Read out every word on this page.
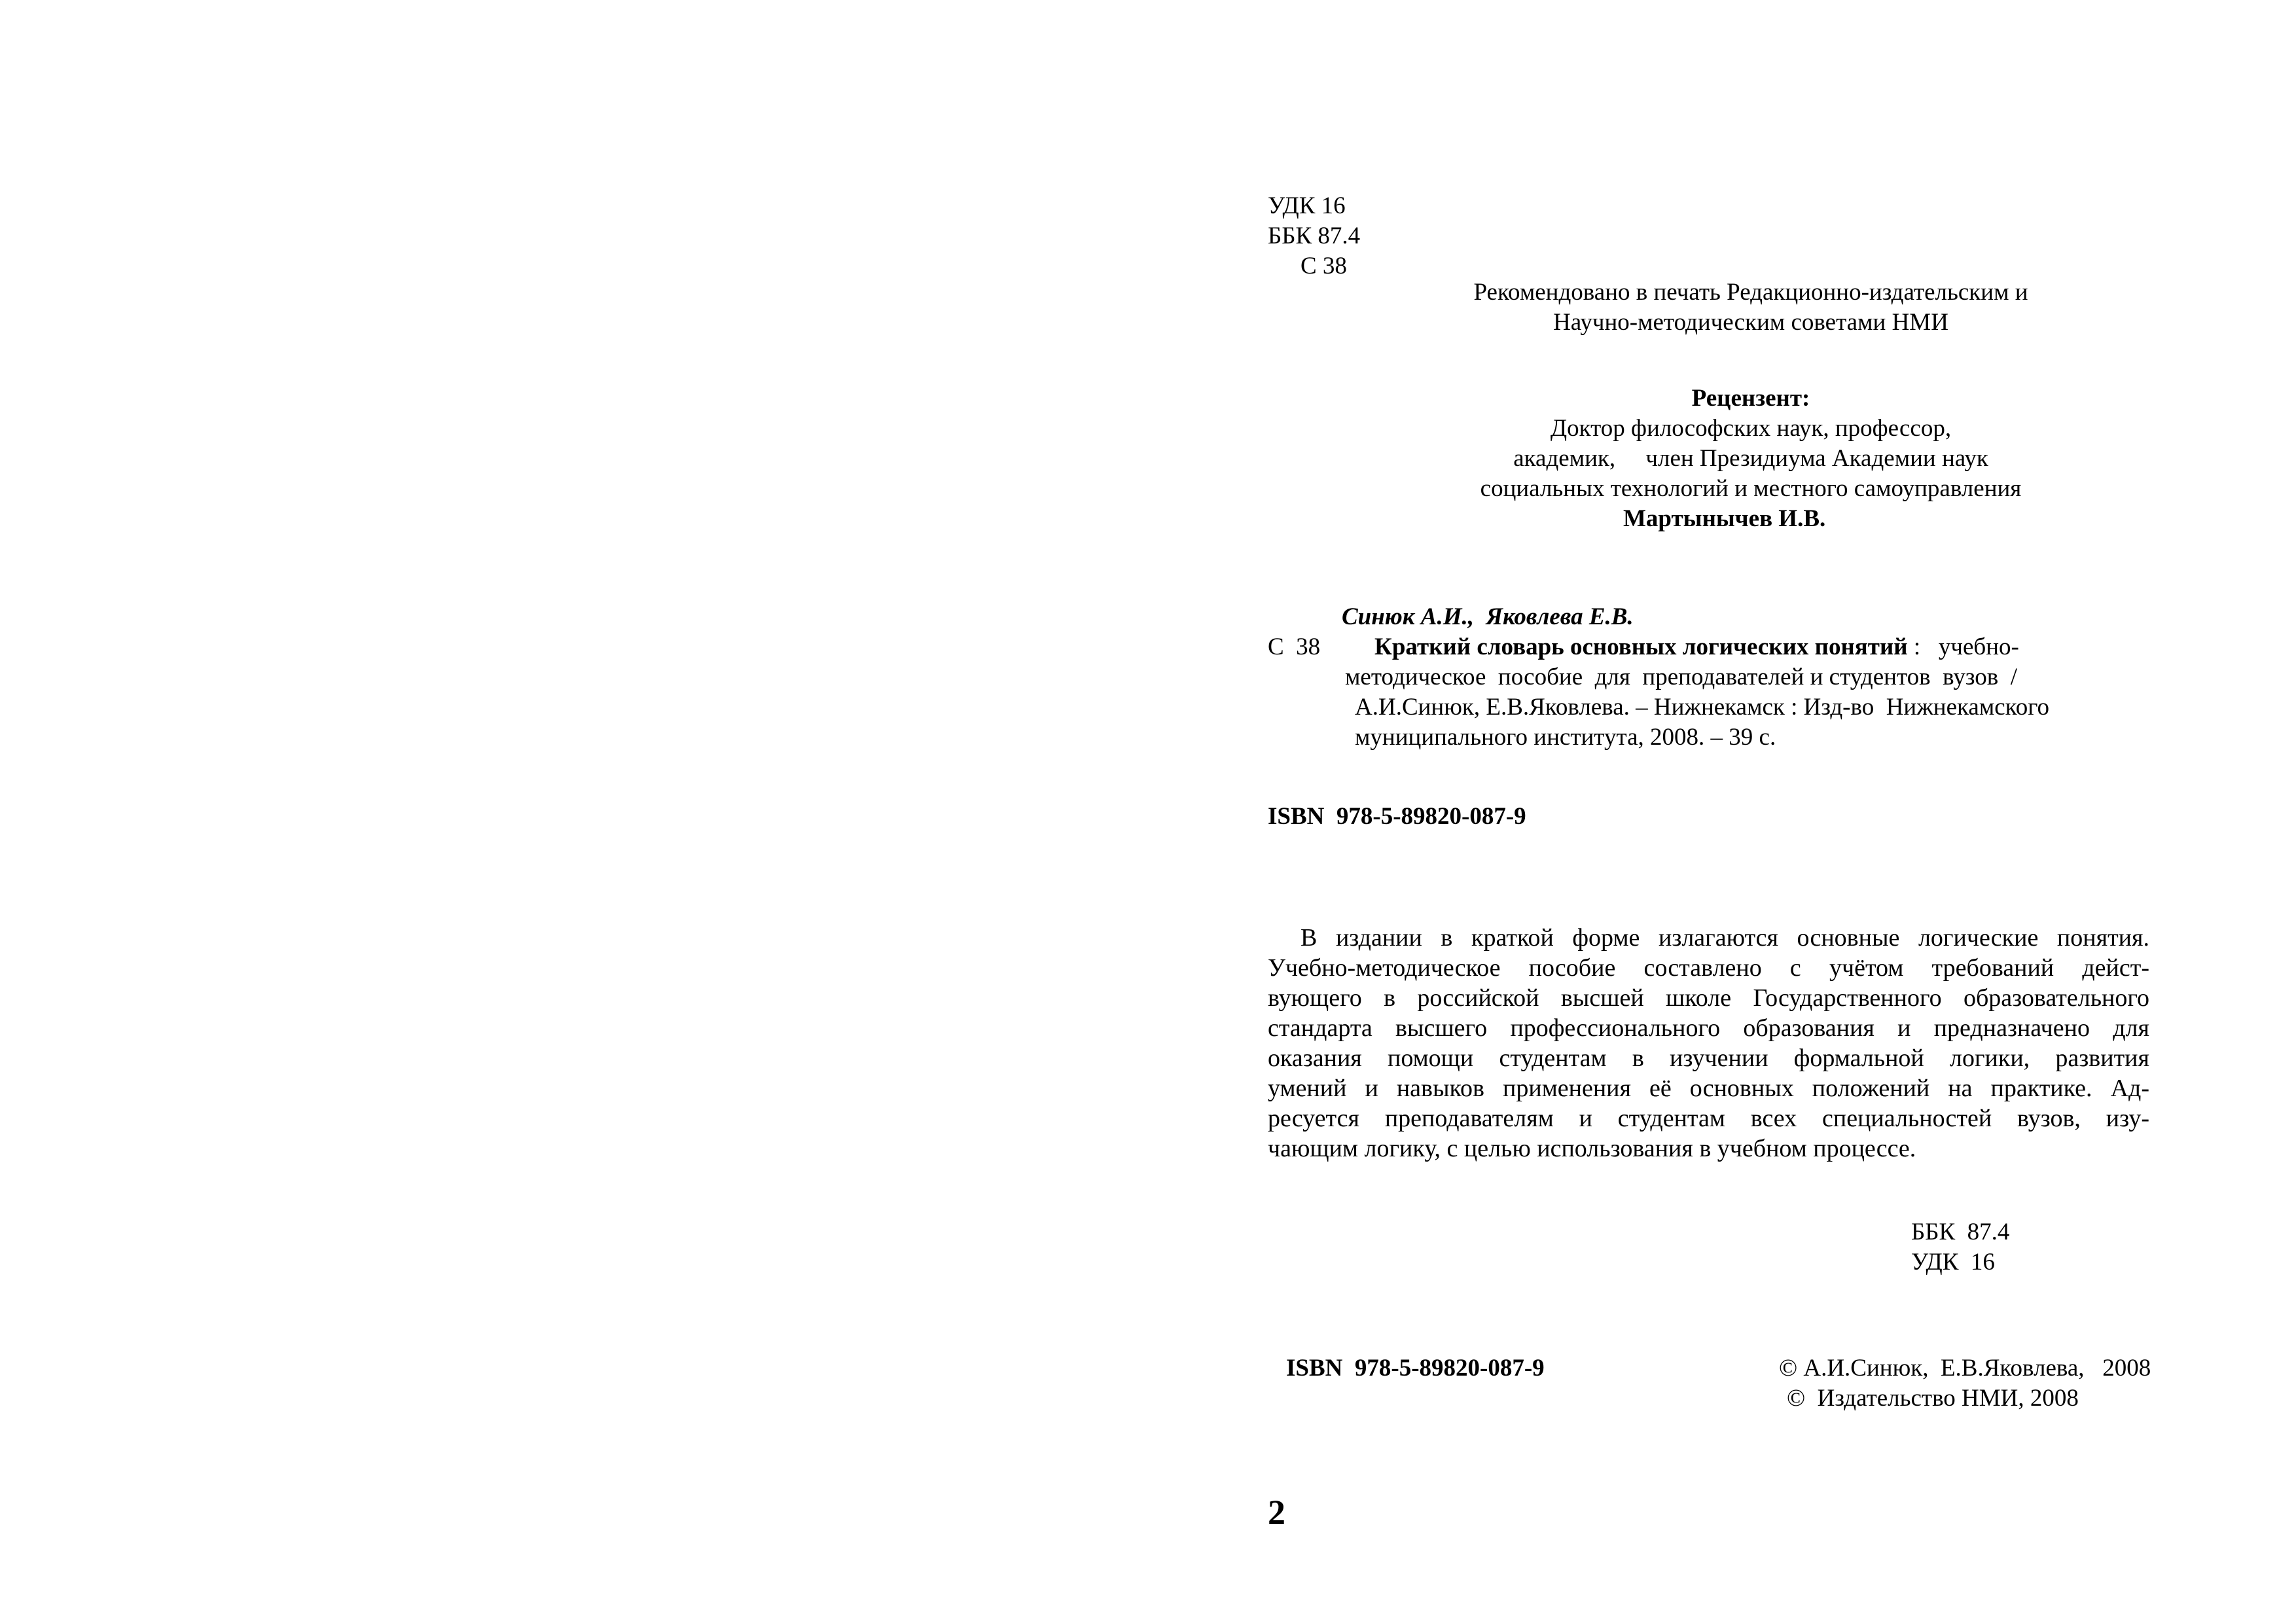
УДК 16
ББК 87.4
С 38
Рекомендовано в печать Редакционно-издательским и
Научно-методическим советами НМИ
Рецензент:
Доктор философских наук, профессор,
академик,     член Президиума Академии наук
социальных технологий и местного самоуправления
Мартынычев И.В.
Синюк А.И.,  Яковлева Е.В.
С  38 Краткий словарь основных логических понятий :   учебно-
методическое  пособие  для  преподавателей и студентов  вузов  /
А.И.Синюк, Е.В.Яковлева. – Нижнекамск : Изд-во  Нижнекамского
муниципального института, 2008. – 39 с.
ISBN  978-5-89820-087-9
В издании в краткой форме излагаются основные логические понятия.
Учебно-методическое пособие составлено с учётом требований дейст-
вующего в российской высшей школе Государственного образовательного
стандарта высшего профессионального образования и предназначено для
оказания помощи студентам в изучении формальной логики, развития
умений и навыков применения её основных положений на практике. Ад-
ресуется преподавателям и студентам всех специальностей вузов, изу-
чающим логику, с целью использования в учебном процессе.
ББК  87.4
УДК  16
ISBN  978-5-89820-087-9	© А.И.Синюк,  Е.В.Яковлева,   2008
©  Издательство НМИ, 2008
2
